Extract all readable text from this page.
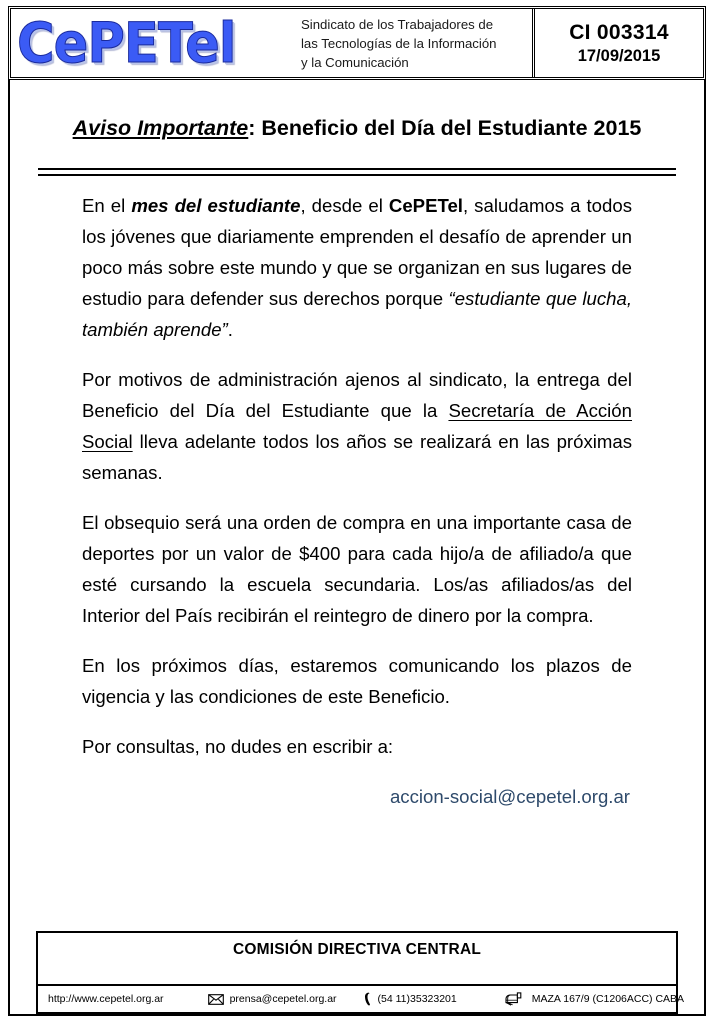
CePETel	Sindicato de los Trabajadores de
las Tecnologías de la Información
y la Comunicación
CI 003314
17/09/2015
Aviso Importante: Beneficio del Día del Estudiante 2015

En el mes del estudiante, desde el CePETel, saludamos a todos los jóvenes que diariamente emprenden el desafío de aprender un poco más sobre este mundo y que se organizan en sus lugares de estudio para defender sus derechos porque “estudiante que lucha, también aprende”.

Por motivos de administración ajenos al sindicato, la entrega del Beneficio del Día del Estudiante que la Secretaría de Acción Social lleva adelante todos los años se realizará en las próximas semanas.

El obsequio será una orden de compra en una importante casa de deportes por un valor de $400 para cada hijo/a de afiliado/a que esté cursando la escuela secundaria. Los/as afiliados/as del Interior del País recibirán el reintegro de dinero por la compra.

En los próximos días, estaremos comunicando los plazos de vigencia y las condiciones de este Beneficio.

Por consultas, no dudes en escribir a:

accion-social@cepetel.org.ar

COMISIÓN DIRECTIVA CENTRAL
http://www.cepetel.org.ar	prensa@cepetel.org.ar	(54 11)35323201	MAZA 167/9 (C1206ACC) CABA
